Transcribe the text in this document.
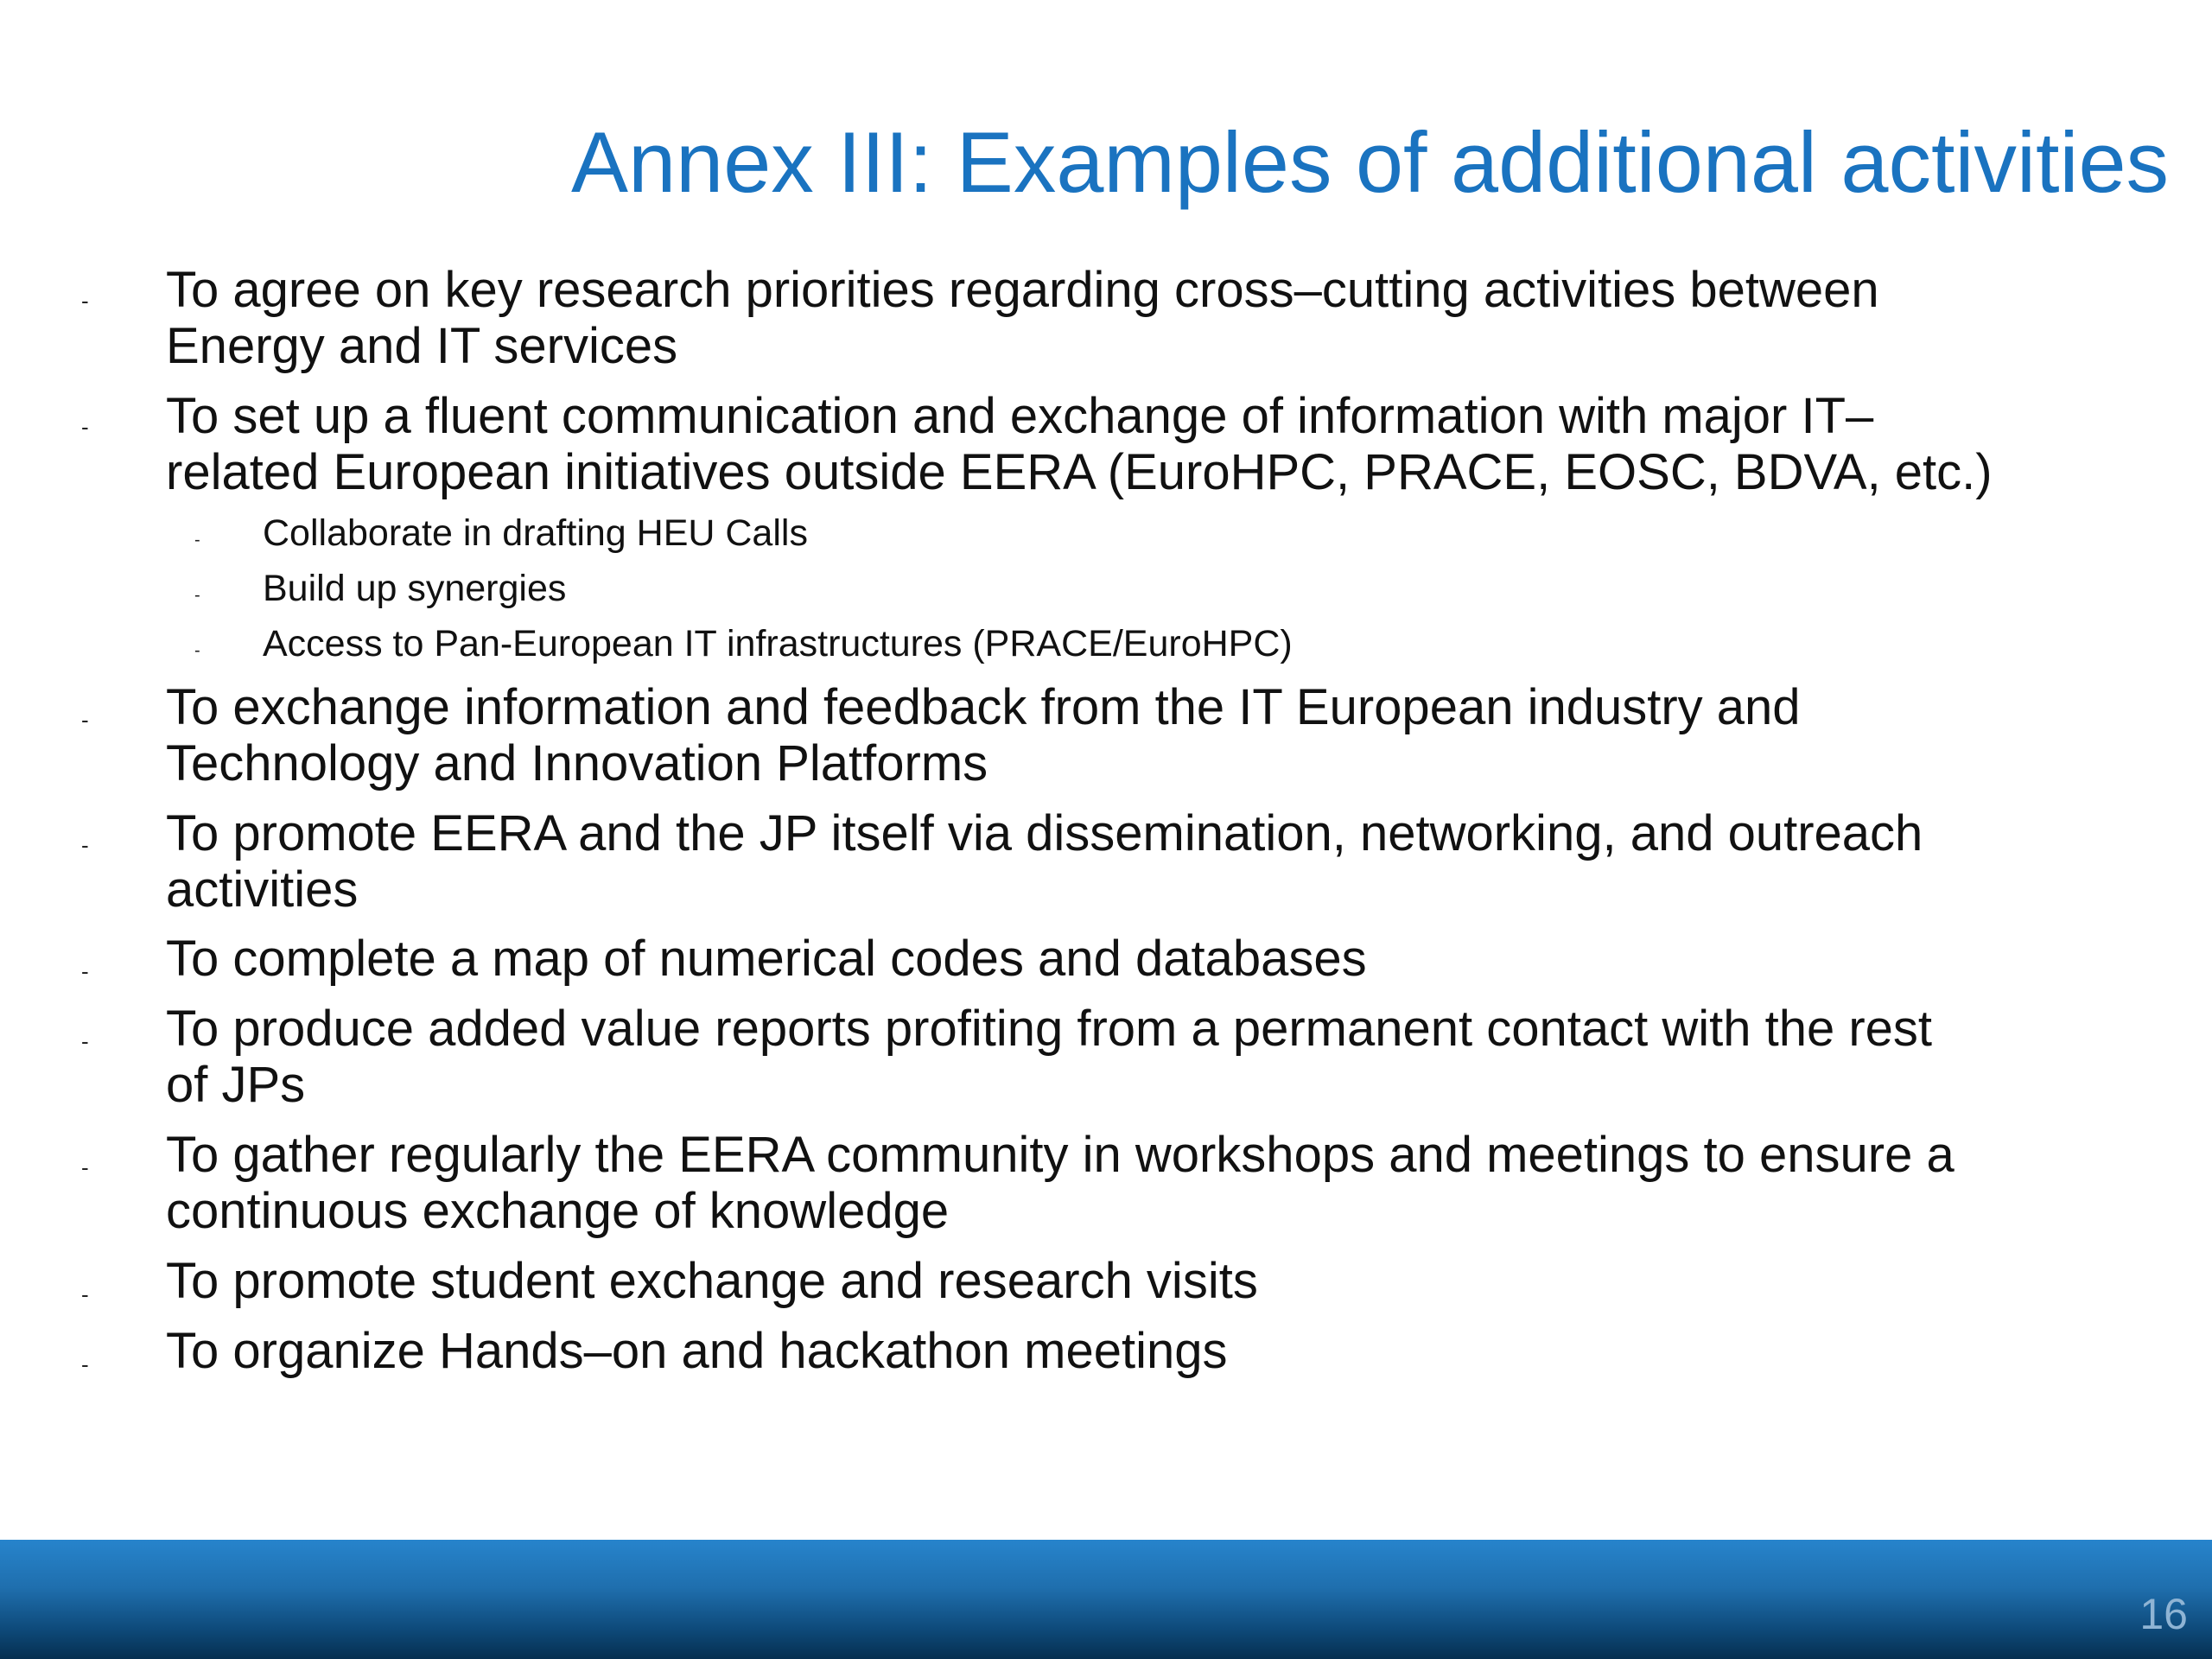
Annex III: Examples of additional activities
- To agree on key research priorities regarding cross–cutting activities between
Energy and IT services
- To set up a fluent communication and exchange of information with major IT–
related European initiatives outside EERA (EuroHPC, PRACE, EOSC, BDVA, etc.)
- Collaborate in drafting HEU Calls
- Build up synergies
- Access to Pan-European IT infrastructures (PRACE/EuroHPC)
- To exchange information and feedback from the IT European industry and
Technology and Innovation Platforms
- To promote EERA and the JP itself via dissemination, networking, and outreach
activities
- To complete a map of numerical codes and databases
- To produce added value reports profiting from a permanent contact with the rest
of JPs
- To gather regularly the EERA community in workshops and meetings to ensure a
continuous exchange of knowledge
- To promote student exchange and research visits
- To organize Hands–on and hackathon meetings
16
